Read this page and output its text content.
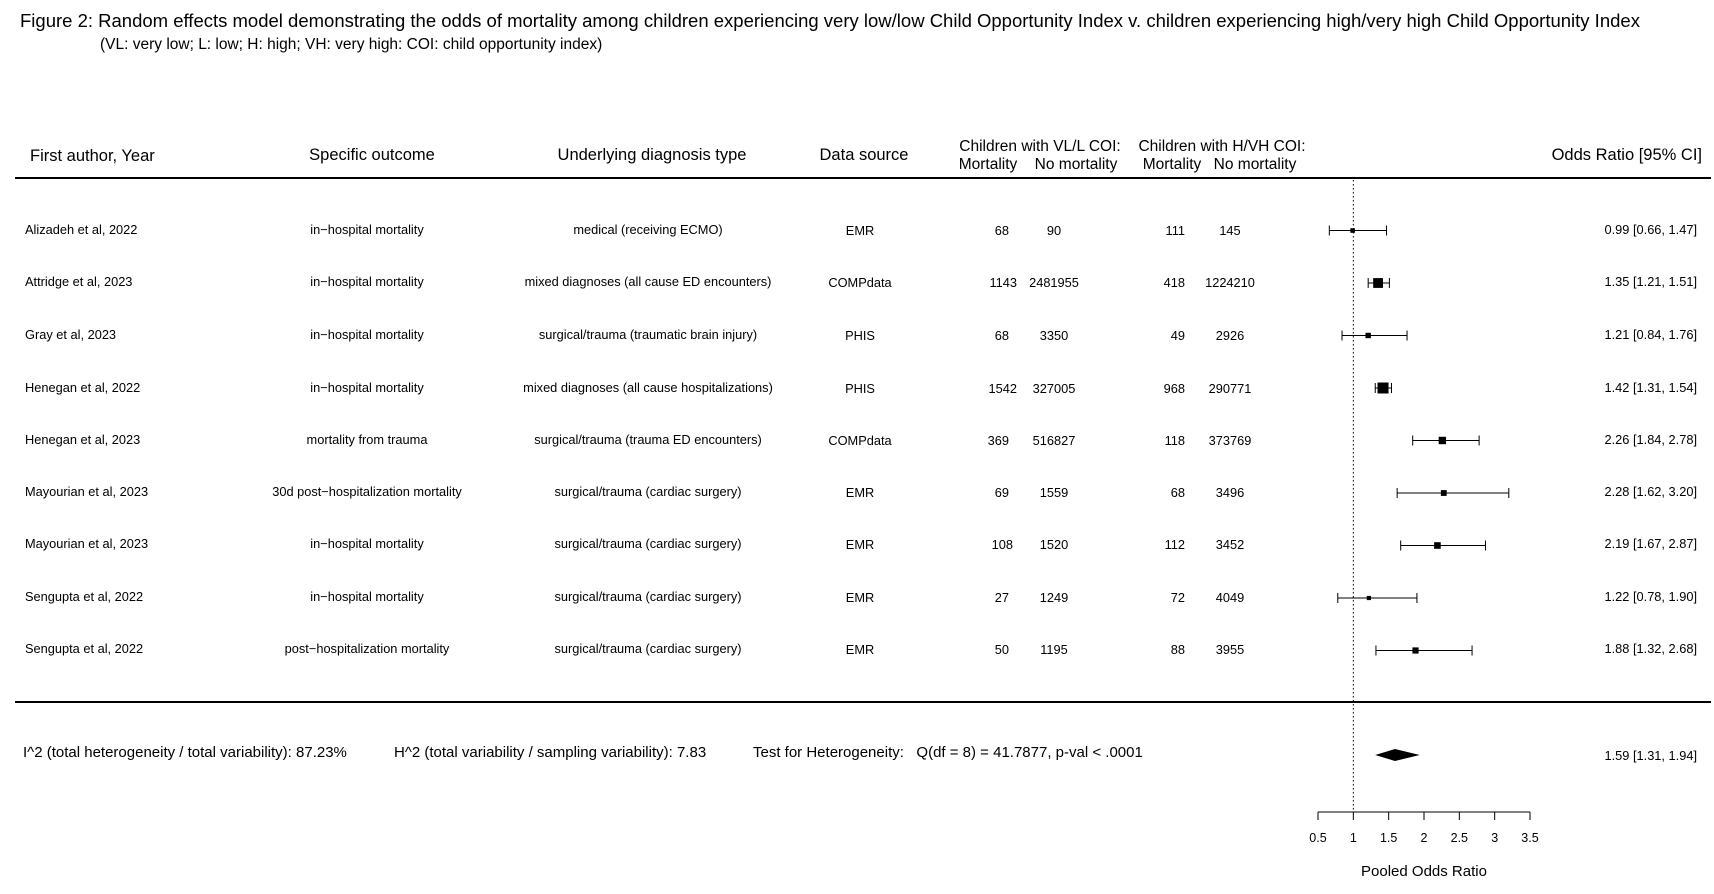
Figure 2: Random effects model demonstrating the odds of mortality among children experiencing very low/low Child Opportunity Index v. children experiencing high/very high Child Opportunity Index
(VL: very low; L: low; H: high; VH: very high: COI: child opportunity index)
First author, Year	Specific outcome	Underlying diagnosis type	Data source	Children with VL/L COI:
Mortality No mortality
Children with H/VH COI:
Mortality No mortality
Odds Ratio [95% CI]
Alizadeh et al, 2022	in−hospital mortality	medical (receiving ECMO)	EMR	68	90	111	145	0.99 [0.66, 1.47]
Attridge et al, 2023	in−hospital mortality	mixed diagnoses (all cause ED encounters)	COMPdata	1143 2481955	418 1224210	1.35 [1.21, 1.51]
Gray et al, 2023	in−hospital mortality	surgical/trauma (traumatic brain injury)	PHIS	68 3350	49 2926	1.21 [0.84, 1.76]
Henegan et al, 2022	in−hospital mortality	mixed diagnoses (all cause hospitalizations)	PHIS	1542 327005	968 290771	1.42 [1.31, 1.54]
Henegan et al, 2023	mortality from trauma	surgical/trauma (trauma ED encounters)	COMPdata	369 516827	118 373769	2.26 [1.84, 2.78]
Mayourian et al, 2023	30d post−hospitalization mortality	surgical/trauma (cardiac surgery)	EMR	69 1559	68 3496	2.28 [1.62, 3.20]
Mayourian et al, 2023	in−hospital mortality	surgical/trauma (cardiac surgery)	EMR	108 1520	112 3452	2.19 [1.67, 2.87]
Sengupta et al, 2022	in−hospital mortality	surgical/trauma (cardiac surgery)	EMR	27 1249	72 4049	1.22 [0.78, 1.90]
Sengupta et al, 2022	post−hospitalization mortality	surgical/trauma (cardiac surgery)	EMR	50 1195	88 3955	1.88 [1.32, 2.68]
I^2 (total heterogeneity / total variability): 87.23%	H^2 (total variability / sampling variability): 7.83	Test for Heterogeneity:   Q(df = 8) = 41.7877, p-val < .0001	1.59 [1.31, 1.94]
0.5 1 1.5 2 2.5 3 3.5
Pooled Odds Ratio
